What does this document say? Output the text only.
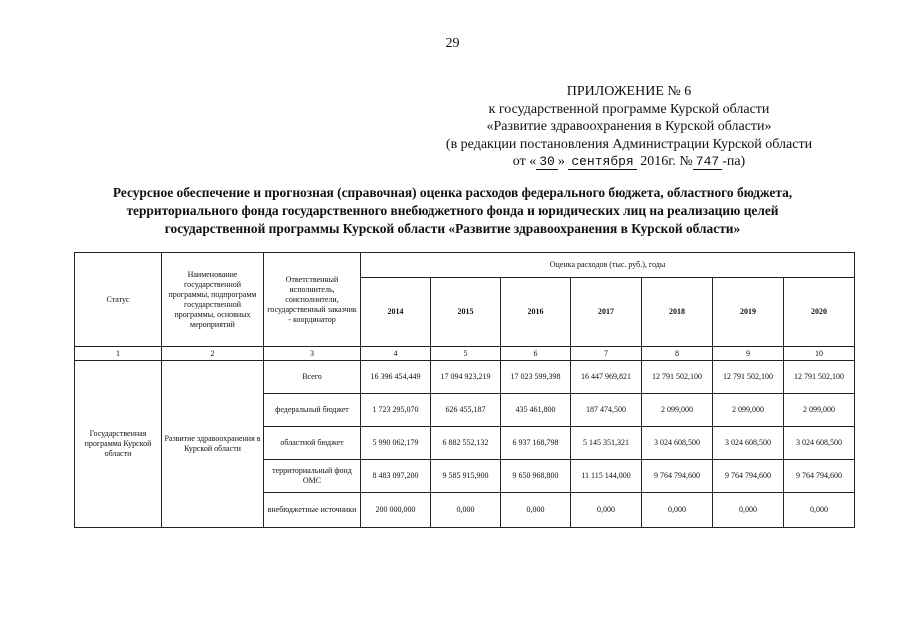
29
ПРИЛОЖЕНИЕ № 6
к государственной программе Курской области
«Развитие здравоохранения в Курской области»
(в редакции постановления Администрации Курской области
от « 30 » сентября 2016г. № 747 -па)
Ресурсное обеспечение и прогнозная (справочная) оценка расходов федерального бюджета, областного бюджета,
территориального фонда государственного внебюджетного фонда и юридических лиц на реализацию целей
государственной программы Курской области «Развитие здравоохранения в Курской области»
Статус	Наименование государственной программы, подпрограмм государственной программы, основных мероприятий	Ответственный исполнитель, соисполнители, государственный заказчик - координатор	Оценка расходов (тыс. руб.), годы						
			2014	2015	2016	2017	2018	2019	2020
1	2	3	4	5	6	7	8	9	10
Государственная программа Курской области	Развитие здравоохранения в Курской области	Всего	16 396 454,449	17 094 923,219	17 023 599,398	16 447 969,821	12 791 502,100	12 791 502,100	12 791 502,100
		федеральный бюджет	1 723 295,070	626 455,187	435 461,800	187 474,500	2 099,000	2 099,000	2 099,000
		областной бюджет	5 990 062,179	6 882 552,132	6 937 168,798	5 145 351,321	3 024 608,500	3 024 608,500	3 024 608,500
		территориальный фонд ОМС	8 483 097,200	9 585 915,900	9 650 968,800	11 115 144,000	9 764 794,600	9 764 794,600	9 764 794,600
		внебюджетные источники	200 000,000	0,000	0,000	0,000	0,000	0,000	0,000
